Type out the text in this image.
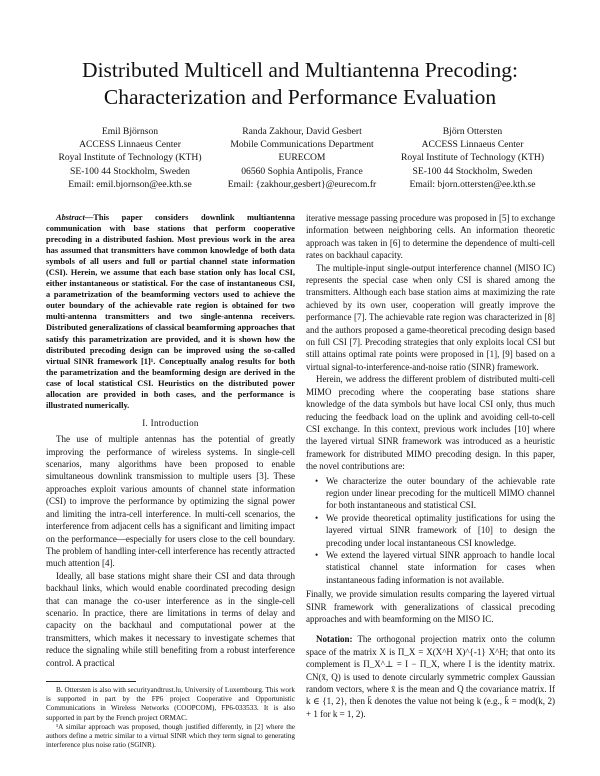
Distributed Multicell and Multiantenna Precoding:
Characterization and Performance Evaluation
Emil Björnson
ACCESS Linnaeus Center
Royal Institute of Technology (KTH)
SE-100 44 Stockholm, Sweden
Email: emil.bjornson@ee.kth.se
Randa Zakhour, David Gesbert
Mobile Communications Department
EURECOM
06560 Sophia Antipolis, France
Email: {zakhour,gesbert}@eurecom.fr
Björn Ottersten
ACCESS Linnaeus Center
Royal Institute of Technology (KTH)
SE-100 44 Stockholm, Sweden
Email: bjorn.ottersten@ee.kth.se

Abstract—This paper considers downlink multiantenna communication with base stations that perform cooperative precoding in a distributed fashion. Most previous work in the area has assumed that transmitters have common knowledge of both data symbols of all users and full or partial channel state information (CSI). Herein, we assume that each base station only has local CSI, either instantaneous or statistical. For the case of instantaneous CSI, a parametrization of the beamforming vectors used to achieve the outer boundary of the achievable rate region is obtained for two multi-antenna transmitters and two single-antenna receivers. Distributed generalizations of classical beamforming approaches that satisfy this parametrization are provided, and it is shown how the distributed precoding design can be improved using the so-called virtual SINR framework [1]¹. Conceptually analog results for both the parametrization and the beamforming design are derived in the case of local statistical CSI. Heuristics on the distributed power allocation are provided in both cases, and the performance is illustrated numerically.

I. Introduction

The use of multiple antennas has the potential of greatly improving the performance of wireless systems. In single-cell scenarios, many algorithms have been proposed to enable simultaneous downlink transmission to multiple users [3]. These approaches exploit various amounts of channel state information (CSI) to improve the performance by optimizing the signal power and limiting the intra-cell interference. In multi-cell scenarios, the interference from adjacent cells has a significant and limiting impact on the performance—especially for users close to the cell boundary. The problem of handling inter-cell interference has recently attracted much attention [4].

Ideally, all base stations might share their CSI and data through backhaul links, which would enable coordinated precoding design that can manage the co-user interference as in the single-cell scenario. In practice, there are limitations in terms of delay and capacity on the backhaul and computational power at the transmitters, which makes it necessary to investigate schemes that reduce the signaling while still benefiting from a robust interference control. A practical

B. Ottersten is also with securityandtrust.lu, University of Luxembourg. This work is supported in part by the FP6 project Cooperative and Opportunistic Communications in Wireless Networks (COOPCOM), FP6-033533. It is also supported in part by the French project ORMAC.

¹A similar approach was proposed, though justified differently, in [2] where the authors define a metric similar to a virtual SINR which they term signal to generating interference plus noise ratio (SGINR).

iterative message passing procedure was proposed in [5] to exchange information between neighboring cells. An information theoretic approach was taken in [6] to determine the dependence of multi-cell rates on backhaul capacity.

The multiple-input single-output interference channel (MISO IC) represents the special case when only CSI is shared among the transmitters. Although each base station aims at maximizing the rate achieved by its own user, cooperation will greatly improve the performance [7]. The achievable rate region was characterized in [8] and the authors proposed a game-theoretical precoding design based on full CSI [7]. Precoding strategies that only exploits local CSI but still attains optimal rate points were proposed in [1], [9] based on a virtual signal-to-interference-and-noise ratio (SINR) framework.

Herein, we address the different problem of distributed multi-cell MIMO precoding where the cooperating base stations share knowledge of the data symbols but have local CSI only, thus much reducing the feedback load on the uplink and avoiding cell-to-cell CSI exchange. In this context, previous work includes [10] where the layered virtual SINR framework was introduced as a heuristic framework for distributed MIMO precoding design. In this paper, the novel contributions are:

• We characterize the outer boundary of the achievable rate region under linear precoding for the multicell MIMO channel for both instantaneous and statistical CSI.
• We provide theoretical optimality justifications for using the layered virtual SINR framework of [10] to design the precoding under local instantaneous CSI knowledge.
• We extend the layered virtual SINR approach to handle local statistical channel state information for cases when instantaneous fading information is not available.

Finally, we provide simulation results comparing the layered virtual SINR framework with generalizations of classical precoding approaches and with beamforming on the MISO IC.

Notation: The orthogonal projection matrix onto the column space of the matrix X is Π_X = X(X^H X)^{-1} X^H; that onto its complement is Π_X^⊥ = I − Π_X, where I is the identity matrix. CN(x̄, Q) is used to denote circularly symmetric complex Gaussian random vectors, where x̄ is the mean and Q the covariance matrix. If k ∈ {1, 2}, then k̄ denotes the value not being k (e.g., k̄ = mod(k, 2) + 1 for k = 1, 2).
